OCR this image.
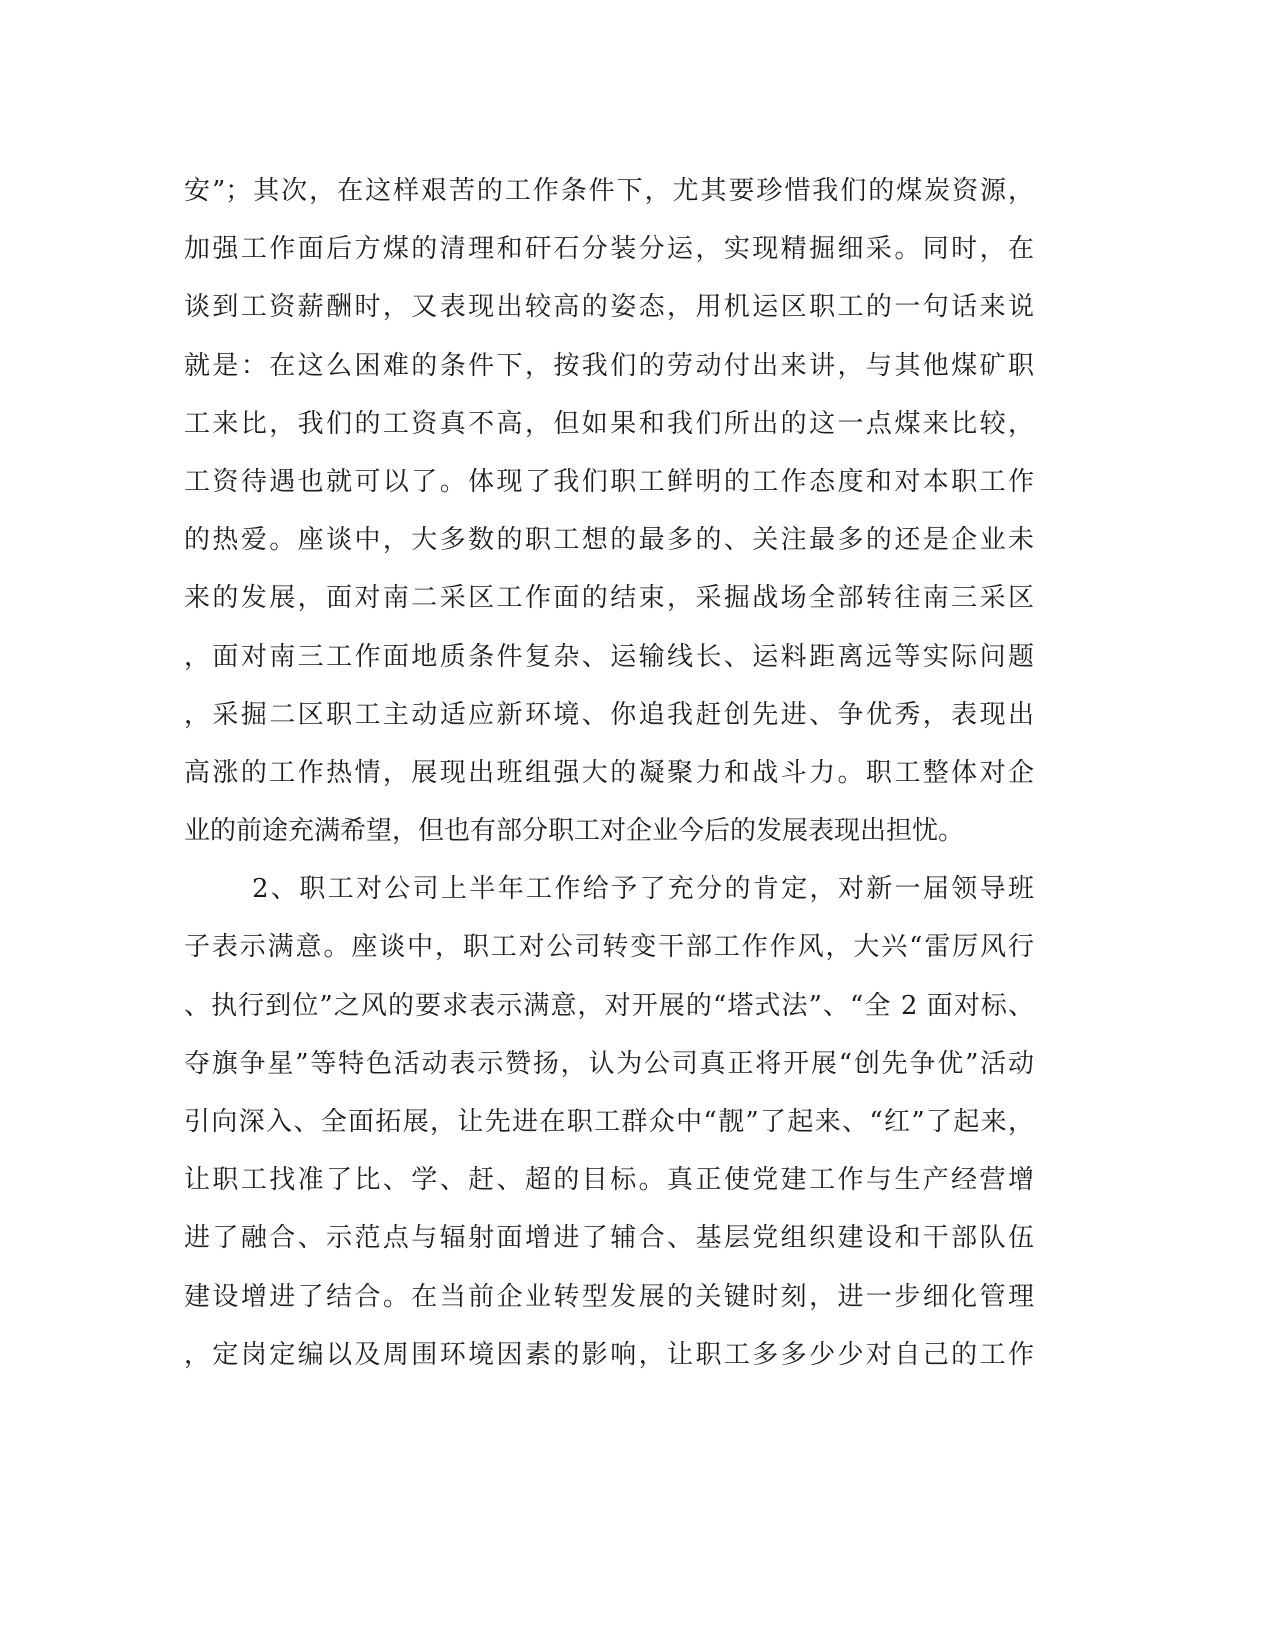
安”；其次，在这样艰苦的工作条件下，尤其要珍惜我们的煤炭资源，
加强工作面后方煤的清理和矸石分装分运，实现精掘细采。同时，在
谈到工资薪酬时，又表现出较高的姿态，用机运区职工的一句话来说
就是：在这么困难的条件下，按我们的劳动付出来讲，与其他煤矿职
工来比，我们的工资真不高，但如果和我们所出的这一点煤来比较，
工资待遇也就可以了。体现了我们职工鲜明的工作态度和对本职工作
的热爱。座谈中，大多数的职工想的最多的、关注最多的还是企业未
来的发展，面对南二采区工作面的结束，采掘战场全部转往南三采区
，面对南三工作面地质条件复杂、运输线长、运料距离远等实际问题
，采掘二区职工主动适应新环境、你追我赶创先进、争优秀，表现出
高涨的工作热情，展现出班组强大的凝聚力和战斗力。职工整体对企
业的前途充满希望，但也有部分职工对企业今后的发展表现出担忧。
2、职工对公司上半年工作给予了充分的肯定，对新一届领导班
子表示满意。座谈中，职工对公司转变干部工作作风，大兴“雷厉风行
、执行到位”之风的要求表示满意，对开展的“塔式法”、“全 2 面对标、
夺旗争星”等特色活动表示赞扬，认为公司真正将开展“创先争优”活动
引向深入、全面拓展，让先进在职工群众中“靓”了起来、“红”了起来，
让职工找准了比、学、赶、超的目标。真正使党建工作与生产经营增
进了融合、示范点与辐射面增进了辅合、基层党组织建设和干部队伍
建设增进了结合。在当前企业转型发展的关键时刻，进一步细化管理
，定岗定编以及周围环境因素的影响，让职工多多少少对自己的工作
